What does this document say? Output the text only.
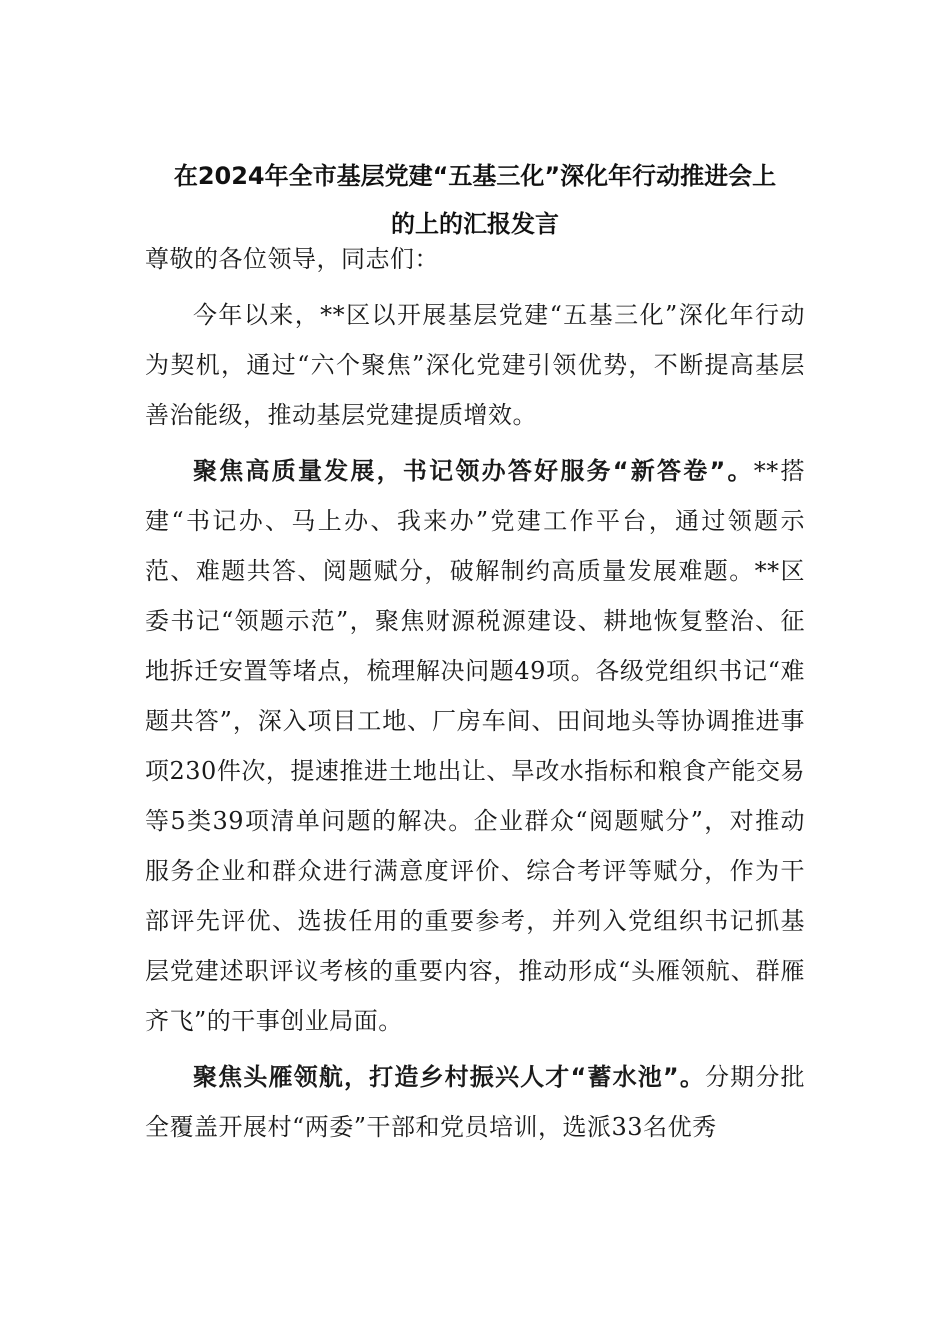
在2024年全市基层党建“五基三化”深化年行动推进会上
的上的汇报发言

尊敬的各位领导，同志们：

今年以来，**区以开展基层党建“五基三化”深化年行动为契机，通过“六个聚焦”深化党建引领优势，不断提高基层善治能级，推动基层党建提质增效。

聚焦高质量发展，书记领办答好服务“新答卷”。**搭建“书记办、马上办、我来办”党建工作平台，通过领题示范、难题共答、阅题赋分，破解制约高质量发展难题。**区委书记“领题示范”，聚焦财源税源建设、耕地恢复整治、征地拆迁安置等堵点，梳理解决问题49项。各级党组织书记“难题共答”，深入项目工地、厂房车间、田间地头等协调推进事项230件次，提速推进土地出让、旱改水指标和粮食产能交易等5类39项清单问题的解决。企业群众“阅题赋分”，对推动服务企业和群众进行满意度评价、综合考评等赋分，作为干部评先评优、选拔任用的重要参考，并列入党组织书记抓基层党建述职评议考核的重要内容，推动形成“头雁领航、群雁齐飞”的干事创业局面。

聚焦头雁领航，打造乡村振兴人才“蓄水池”。分期分批全覆盖开展村“两委”干部和党员培训，选派33名优秀
